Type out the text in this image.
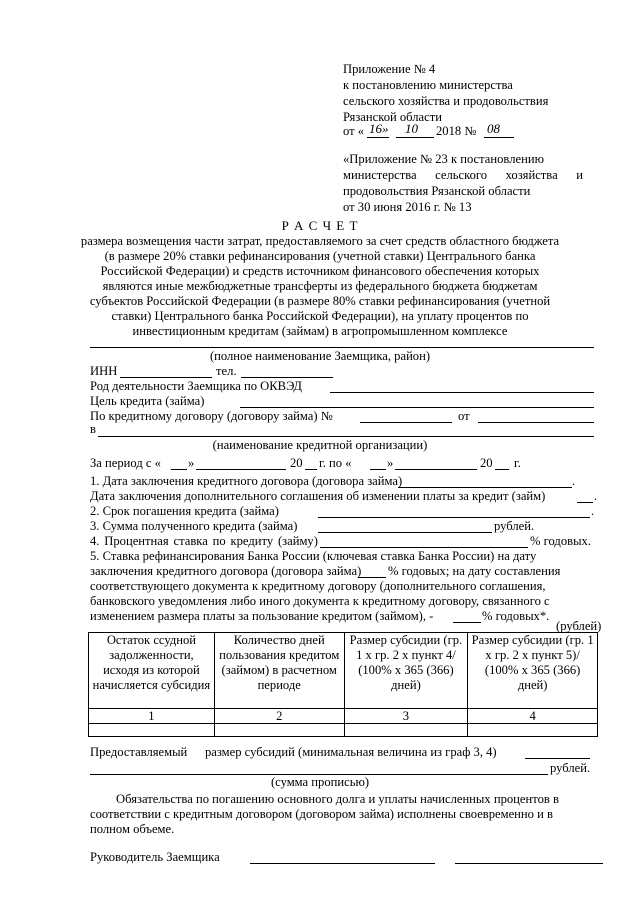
Приложение № 4
к постановлению министерства
сельского хозяйства и продовольствия
Рязанской области
от « 16» 10 2018 № 08
«Приложение № 23 к постановлению
министерства сельского хозяйства и
продовольствия Рязанской области
от 30 июня 2016 г. № 13
Р А С Ч Е Т
размера возмещения части затрат, предоставляемого за счет средств областного бюджета
(в размере 20% ставки рефинансирования (учетной ставки) Центрального банка
Российской Федерации) и средств источником финансового обеспечения которых
являются иные межбюджетные трансферты из федерального бюджета бюджетам
субъектов Российской Федерации (в размере 80% ставки рефинансирования (учетной
ставки) Центрального банка Российской Федерации), на уплату процентов по
инвестиционным кредитам (займам) в агропромышленном комплексе
(полное наименование Заемщика, район)
ИНН	тел.
Род деятельности Заемщика по ОКВЭД
Цель кредита (займа)
По кредитному договору (договору займа) №	от
в
(наименование кредитной организации)
За период с « »	20 г. по «	»	20 г.
1. Дата заключения кредитного договора (договора займа)	.
Дата заключения дополнительного соглашения об изменении платы за кредит (займ)	.
2. Срок погашения кредита (займа)	.
3. Сумма полученного кредита (займа)	рублей.
4. Процентная ставка по кредиту (займу)	% годовых.
5. Ставка рефинансирования Банка России (ключевая ставка Банка России) на дату
заключения кредитного договора (договора займа) % годовых; на дату составления
соответствующего документа к кредитному договору (дополнительного соглашения,
банковского уведомления либо иного документа к кредитному договору, связанного с
изменением размера платы за пользование кредитом (займом), -	% годовых*.
(рублей)
Остаток ссудной задолженности, исходя из которой начисляется субсидия	Количество дней пользования кредитом (займом) в расчетном периоде	Размер субсидии (гр. 1 х гр. 2 х пункт 4/ (100% х 365 (366) дней)	Размер субсидии (гр. 1 х гр. 2 х пункт 5)/ (100% х 365 (366) дней)
1	2	3	4

Предоставляемый размер субсидий (минимальная величина из граф 3, 4)
рублей.
(сумма прописью)
Обязательства по погашению основного долга и уплаты начисленных процентов в
соответствии с кредитным договором (договором займа) исполнены своевременно и в
полном объеме.
Руководитель Заемщика
